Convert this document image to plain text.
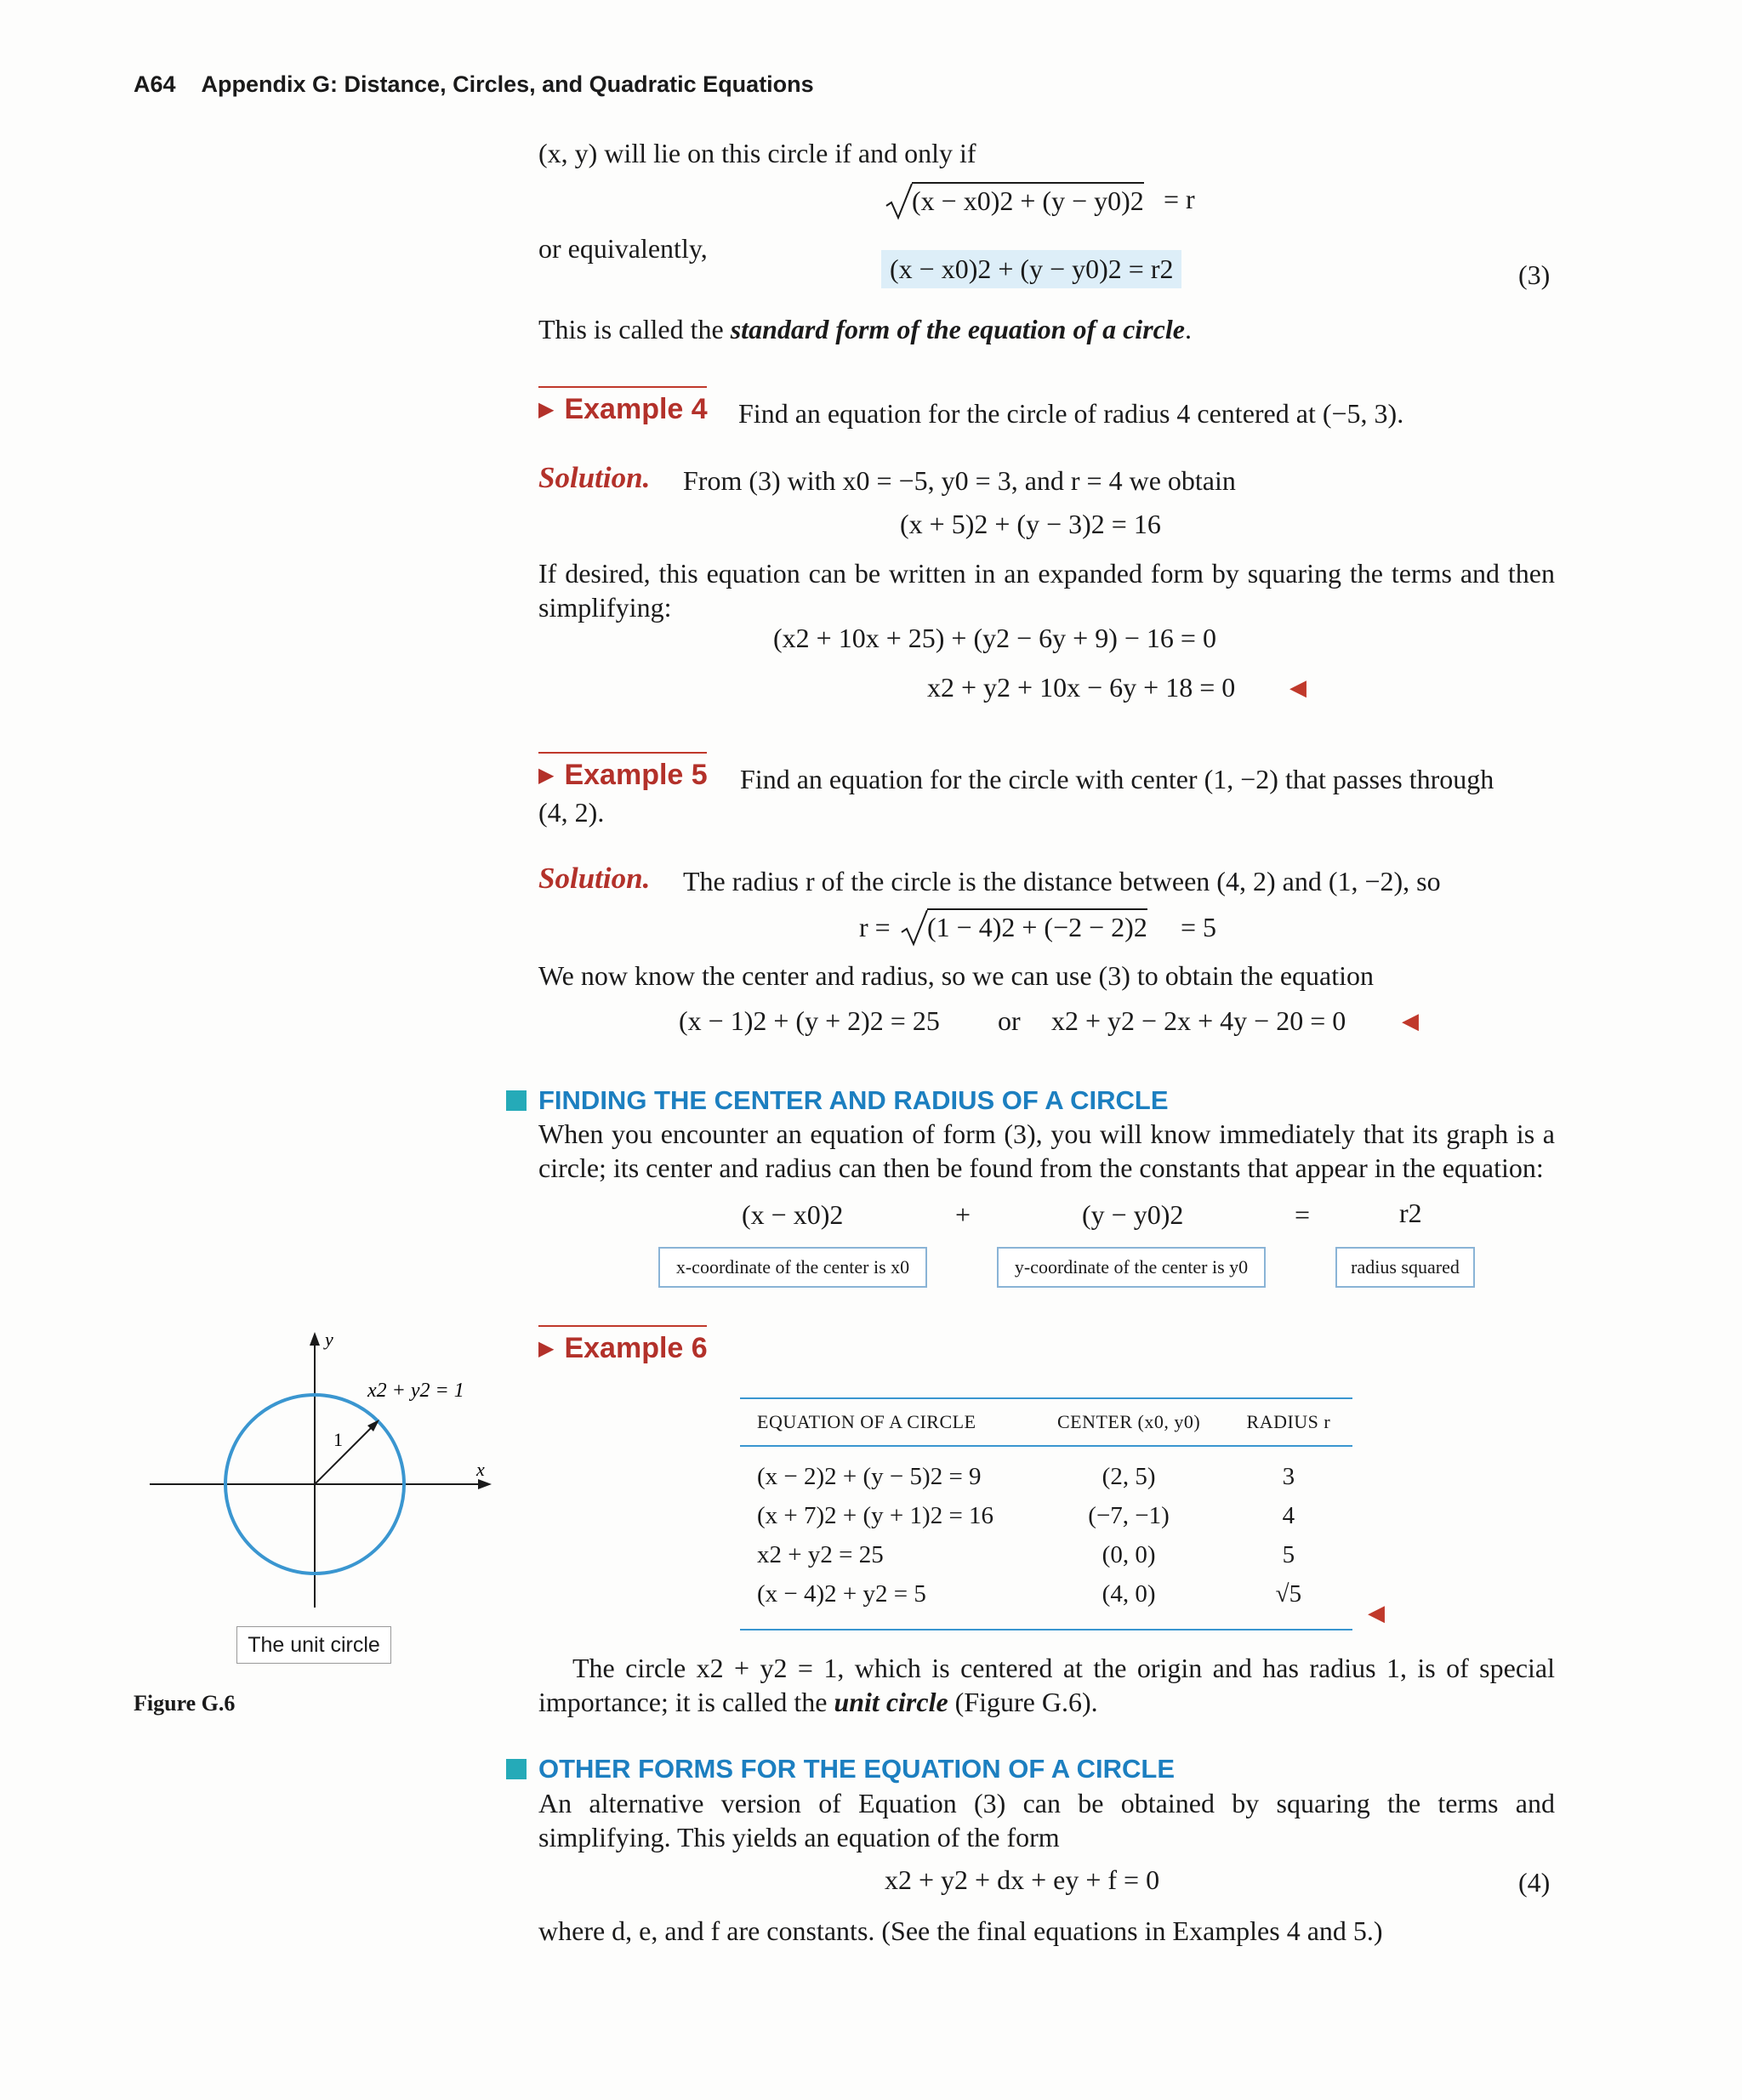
A64 Appendix G: Distance, Circles, and Quadratic Equations
(x, y) will lie on this circle if and only if
(x − x0)2 + (y − y0)2 = r
or equivalently,
(x − x0)2 + (y − y0)2 = r2	(3)
This is called the standard form of the equation of a circle.
▶ Example 4 Find an equation for the circle of radius 4 centered at (−5, 3).
Solution. From (3) with x0 = −5, y0 = 3, and r = 4 we obtain
(x + 5)2 + (y − 3)2 = 16
If desired, this equation can be written in an expanded form by squaring the terms and then simplifying:
(x2 + 10x + 25) + (y2 − 6y + 9) − 16 = 0
x2 + y2 + 10x − 6y + 18 = 0 ◀
▶ Example 5 Find an equation for the circle with center (1, −2) that passes through
(4, 2).
Solution. The radius r of the circle is the distance between (4, 2) and (1, −2), so
r = (1 − 4)2 + (−2 − 2)2 = 5
We now know the center and radius, so we can use (3) to obtain the equation
(x − 1)2 + (y + 2)2 = 25 or x2 + y2 − 2x + 4y − 20 = 0	◀
FINDING THE CENTER AND RADIUS OF A CIRCLE
When you encounter an equation of form (3), you will know immediately that its graph is a circle; its center and radius can then be found from the constants that appear in the equation:
(x − x0)2	+	(y − y0)2	=	r2
x-coordinate of the center is x0	y-coordinate of the center is y0	radius squared
▶ Example 6
EQUATION OF A CIRCLE	CENTER (x0, y0)	RADIUS r

(x − 2)2 + (y − 5)2 = 9	(2, 5)	3
(x + 7)2 + (y + 1)2 = 16	(−7, −1)	4
x2 + y2 = 25	(0, 0)	5
(x − 4)2 + y2 = 5	(4, 0)	√5

◀
y
x
x2 + y2 = 1
1
The unit circle
Figure G.6
The circle x2 + y2 = 1, which is centered at the origin and has radius 1, is of special importance; it is called the unit circle (Figure G.6).
OTHER FORMS FOR THE EQUATION OF A CIRCLE
An alternative version of Equation (3) can be obtained by squaring the terms and simplifying. This yields an equation of the form
x2 + y2 + dx + ey + f = 0	(4)
where d, e, and f are constants. (See the final equations in Examples 4 and 5.)
